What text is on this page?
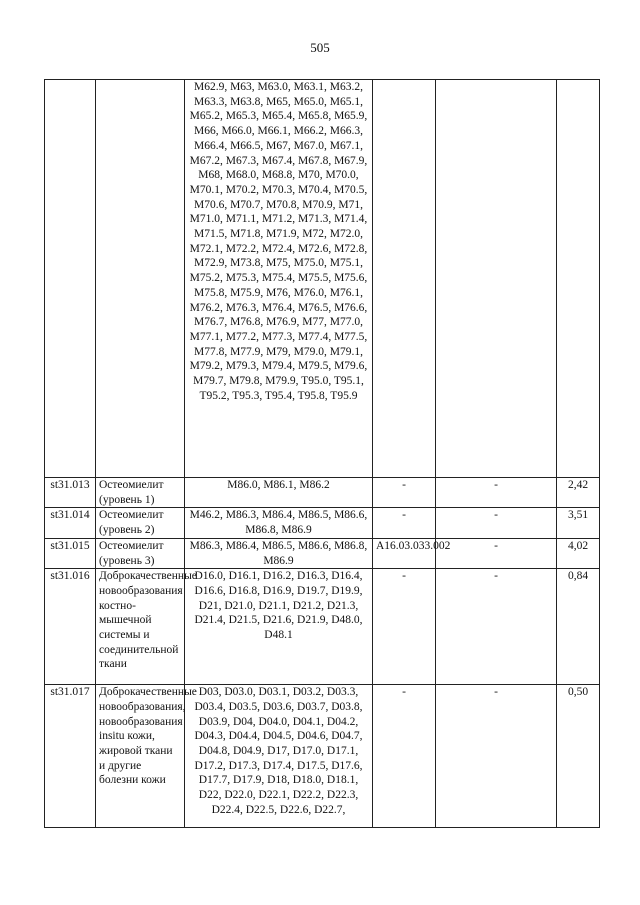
505
		M62.9, M63, M63.0, M63.1, M63.2, M63.3, M63.8, M65, M65.0, M65.1, M65.2, M65.3, M65.4, M65.8, M65.9, M66, M66.0, M66.1, M66.2, M66.3, M66.4, M66.5, M67, M67.0, M67.1, M67.2, M67.3, M67.4, M67.8, M67.9, M68, M68.0, M68.8, M70, M70.0, M70.1, M70.2, M70.3, M70.4, M70.5, M70.6, M70.7, M70.8, M70.9, M71, M71.0, M71.1, M71.2, M71.3, M71.4, M71.5, M71.8, M71.9, M72, M72.0, M72.1, M72.2, M72.4, M72.6, M72.8, M72.9, M73.8, M75, M75.0, M75.1, M75.2, M75.3, M75.4, M75.5, M75.6, M75.8, M75.9, M76, M76.0, M76.1, M76.2, M76.3, M76.4, M76.5, M76.6, M76.7, M76.8, M76.9, M77, M77.0, M77.1, M77.2, M77.3, M77.4, M77.5, M77.8, M77.9, M79, M79.0, M79.1, M79.2, M79.3, M79.4, M79.5, M79.6, M79.7, M79.8, M79.9, T95.0, T95.1, T95.2, T95.3, T95.4, T95.8, T95.9			
st31.013	Остеомиелит (уровень 1)	M86.0, M86.1, M86.2	-	-	2,42
st31.014	Остеомиелит (уровень 2)	M46.2, M86.3, M86.4, M86.5, M86.6, M86.8, M86.9	-	-	3,51
st31.015	Остеомиелит (уровень 3)	M86.3, M86.4, M86.5, M86.6, M86.8, M86.9	A16.03.033.002	-	4,02
st31.016	Доброкачественные новообразования костно-мышечной системы и соединительной ткани	D16.0, D16.1, D16.2, D16.3, D16.4, D16.6, D16.8, D16.9, D19.7, D19.9, D21, D21.0, D21.1, D21.2, D21.3, D21.4, D21.5, D21.6, D21.9, D48.0, D48.1	-	-	0,84
st31.017	Доброкачественные новообразования, новообразования insitu кожи, жировой ткани и другие болезни кожи	D03, D03.0, D03.1, D03.2, D03.3, D03.4, D03.5, D03.6, D03.7, D03.8, D03.9, D04, D04.0, D04.1, D04.2, D04.3, D04.4, D04.5, D04.6, D04.7, D04.8, D04.9, D17, D17.0, D17.1, D17.2, D17.3, D17.4, D17.5, D17.6, D17.7, D17.9, D18, D18.0, D18.1, D22, D22.0, D22.1, D22.2, D22.3, D22.4, D22.5, D22.6, D22.7,	-	-	0,50
